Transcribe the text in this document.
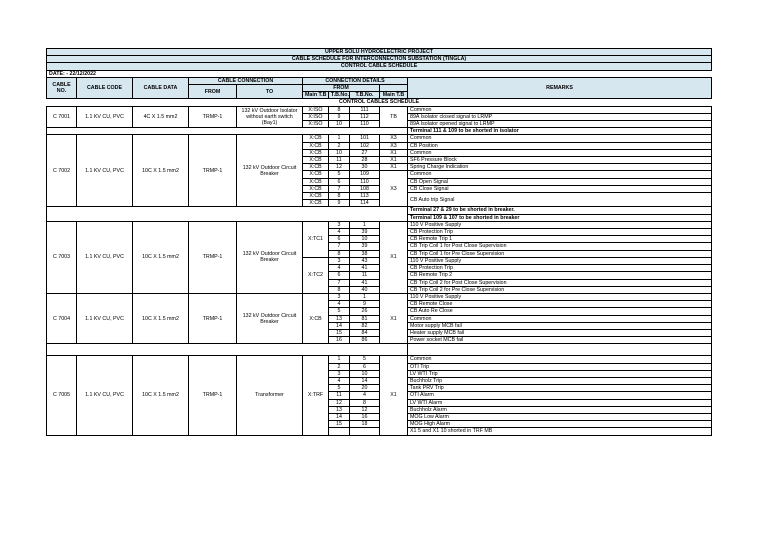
UPPER SOLU HYDROELECTRIC PROJECT									
CABLE SCHEDULE FOR INTERCONNECTION SUBSTATION (TINGLA)									
CONTROL CABLE SCHEDULE									
DATE: - 22/12/2022									
CABLE NO.	CABLE CODE	CABLE DATA	CABLE CONNECTION		CONNECTION DETAILS				REMARKS
			FROM	TO	FROM				
					Main T.B	T.B.No.	T.B.No.	Main T.B	
CONTROL CABLES SCHEDULE									
C 7001	1.1 KV CU, PVC	4C X 1.5 mm2	TRMP-1	132 kV Outdoor Isolator without earth switch (Bay1)	X:ISO	8	111	TB	Common
					X:ISO	9	112		89A Isolator closed signal to LRMP
					X:ISO	10	110		89A Isolator opened signal to LRMP
									Terminal 111 & 109 to be shorted in isolator
C 7002	1.1 KV CU, PVC	10C X 1.5 mm2	TRMP-1	132 kV Outdoor Circuit Breaker	X:CB	1	101	X3	Common
					X:CB	2	102	X3	CB Position
					X:CB	10	27	X1	Common
					X:CB	11	28	X1	SF6 Pressure Block
					X:CB	12	30	X1	Spring Charge Indication
					X:CB	5	109	X3	Common
					X:CB	6	110		CB Open Signal
					X:CB	7	108		CB Close Signal
					X:CB	8	113		CB Auto trip Signal
					X:CB	9	114		
									Terminal 27 & 29 to be shorted in breaker.
									Terminal 109 & 107 to be shorted in breaker
C 7003	1.1 KV CU, PVC	10C X 1.5 mm2	TRMP-1	132 kV Outdoor Circuit Breaker	X:TC1	3	1	X1	110 V Positive Supply
						4	39		CB Protection Trip
						6	10		CB Remote Trip 1
						7	39		CB Trip Coil 1 for Post Close Supervision
						8	38		CB Trip Coil 1 for Pre Close Supervision
					X:TC2	3	43		110 V Positive Supply
						4	41		CB Protection Trip
						6	11		CB Remote Trip 2
						7	41		CB Trip Coil 2 for Post Close Supervision
						8	40		CB Trip Coil 2 for Pre Close Supervision
C 7004	1.1 KV CU, PVC	10C X 1.5 mm2	TRMP-1	132 kV Outdoor Circuit Breaker	X:CB	3	1	X1	110 V Positive Supply
						4	9		CB Remote Close
						5	26		CB Auto Re Close
						13	81		Common
						14	82		Motor supply MCB fail
						15	84		Heater supply MCB fail
						16	86		Power socket MCB fail

C 7005	1.1 KV CU, PVC	10C X 1.5 mm2	TRMP-1	Transformer	X:TRF	1	5	X1	Common
						2	6		OTI Trip
						3	10		LV WTI Trip
						4	14		Buchholz Trip
						5	20		Tank PRV Trip
						11	4		OTI Alarm
						12	8		LV WTI Alarm
						13	12		Buchholz Alarm
						14	16		MOG Low Alarm
						15	18		MOG High Alarm
									X1 5 and X1 10 shorted in TRF MB
